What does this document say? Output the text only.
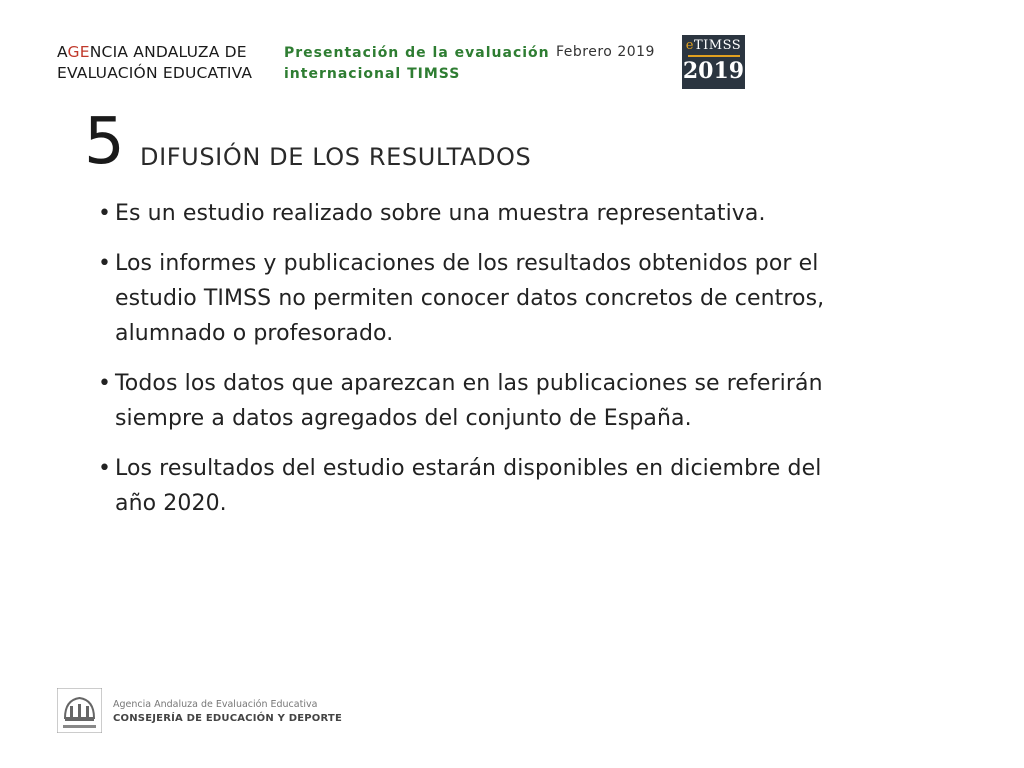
AGENCIA ANDALUZA DE
EVALUACIÓN EDUCATIVA
Presentación de la evaluación
internacional TIMSS
Febrero 2019 eTIMSS
2019
5 DIFUSIÓN DE LOS RESULTADOS
• Es un estudio realizado sobre una muestra representativa.
• Los informes y publicaciones de los resultados obtenidos por el estudio TIMSS no permiten conocer datos concretos de centros, alumnado o profesorado.
• Todos los datos que aparezcan en las publicaciones se referirán siempre a datos agregados del conjunto de España.
• Los resultados del estudio estarán disponibles en diciembre del año 2020.
Agencia Andaluza de Evaluación Educativa
CONSEJERÍA DE EDUCACIÓN Y DEPORTE
